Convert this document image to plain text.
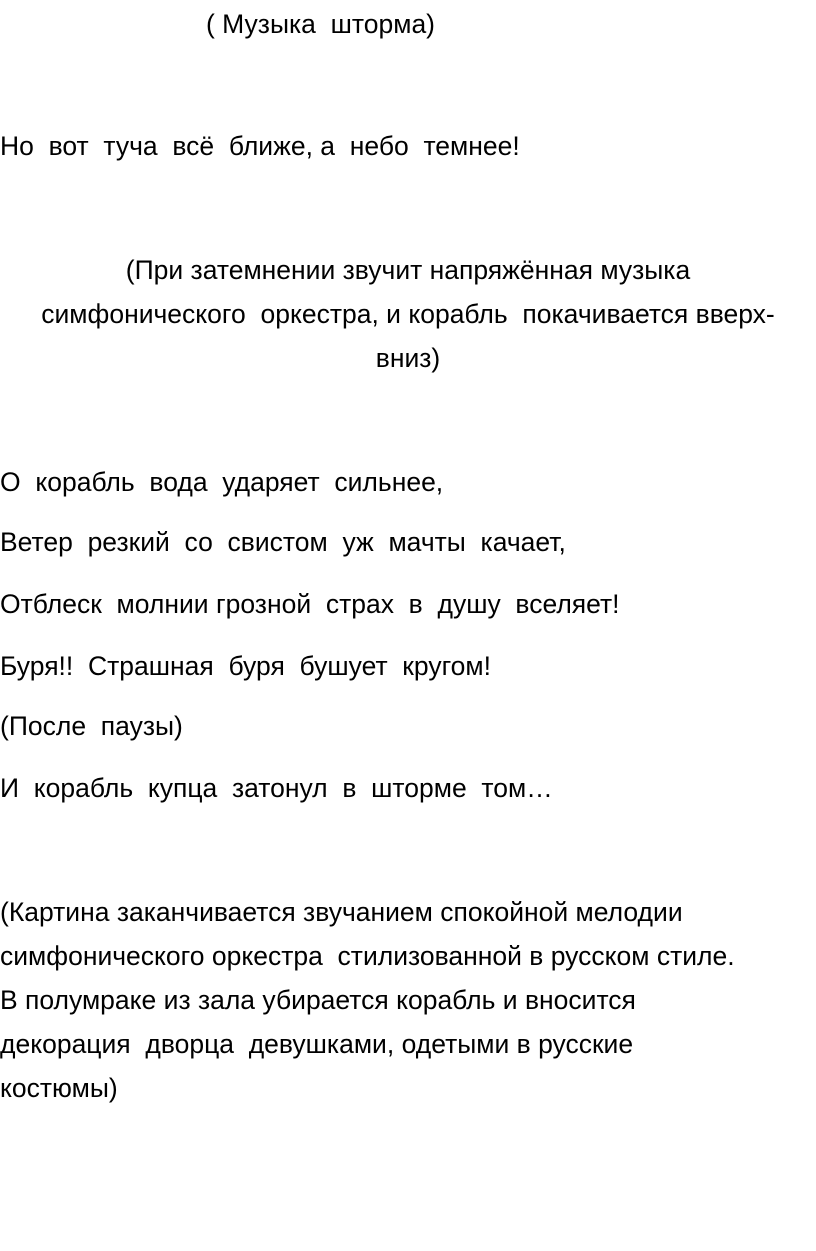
( Музыка  шторма)

Но  вот  туча  всё  ближе, а  небо  темнее!

(При затемнении звучит напряжённая музыка

симфонического  оркестра, и корабль  покачивается вверх-

вниз)

О  корабль  вода  ударяет  сильнее,

Ветер  резкий  со  свистом  уж  мачты  качает,

Отблеск  молнии грозной  страх  в  душу  вселяет!

Буря!!  Страшная  буря  бушует  кругом!

(После  паузы)

И  корабль  купца  затонул  в  шторме  том…

(Картина заканчивается звучанием спокойной мелодии

симфонического оркестра  стилизованной в русском стиле.

В полумраке из зала убирается корабль и вносится

декорация  дворца  девушками, одетыми в русские

костюмы)
